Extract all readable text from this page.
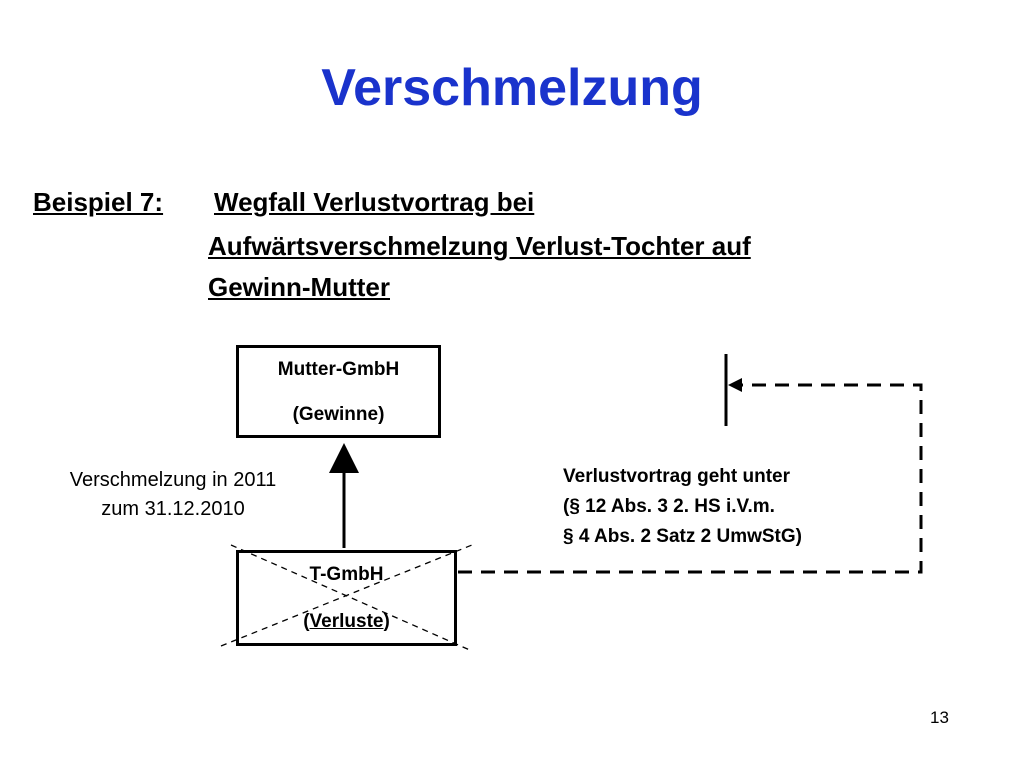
Verschmelzung
Beispiel 7: Wegfall Verlustvortrag bei
Aufwärtsverschmelzung Verlust-Tochter auf
Gewinn-Mutter
Mutter-GmbH
(Gewinne)
T-GmbH
(Verluste)
Verschmelzung in 2011
zum 31.12.2010
Verlustvortrag geht unter
(§ 12 Abs. 3 2. HS i.V.m.
§ 4 Abs. 2 Satz 2 UmwStG)
13
